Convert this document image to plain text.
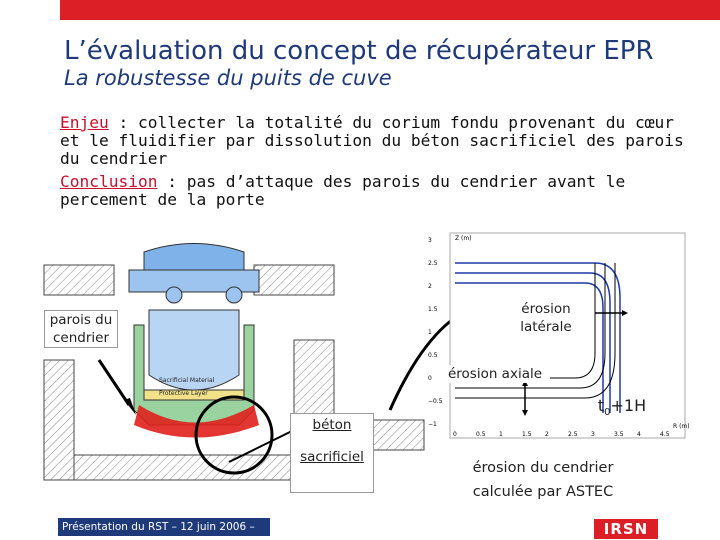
L’évaluation du concept de récupérateur EPR
La robustesse du puits de cuve
Enjeu : collecter la totalité du corium fondu provenant du cœur et le fluidifier par dissolution du béton sacrificiel des parois du cendrier
Conclusion : pas d’attaque des parois du cendrier avant le percement de la porte
Sacrificial Material
Protective Layer
parois du
cendrier
béton
sacrificiel
Z (m)
R (m)
3
2.5
2
1.5
1
0.5
0
−0.5
−1
0	0.5 1	1.5 2	2.5 3	3.5 4	4.5
érosion
latérale
érosion axiale
$t_0+1H$
érosion du cendrier
calculée par ASTEC
Présentation du RST – 12 juin 2006 –	IRSN
